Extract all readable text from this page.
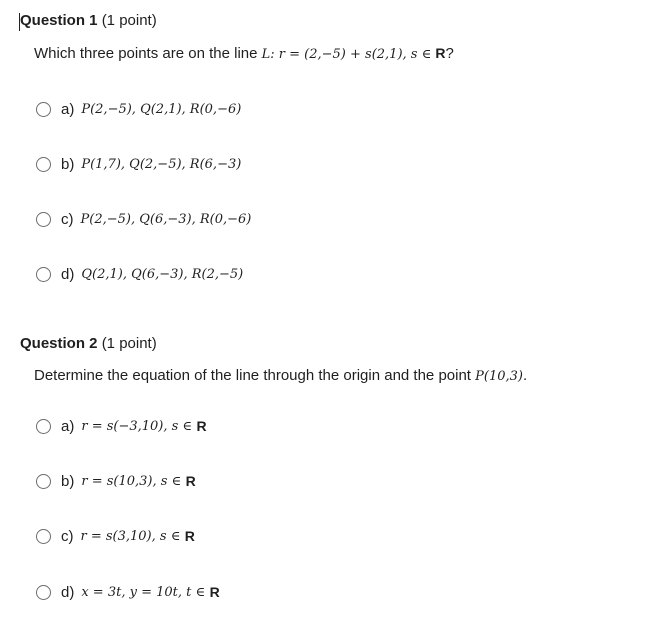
Question 1 (1 point)
Which three points are on the line L: r = (2,−5) + s(2,1), s ∈ R?
a) P(2,−5), Q(2,1), R(0,−6)
b) P(1,7), Q(2,−5), R(6,−3)
c) P(2,−5), Q(6,−3), R(0,−6)
d) Q(2,1), Q(6,−3), R(2,−5)
Question 2 (1 point)
Determine the equation of the line through the origin and the point P(10,3).
a) r = s(−3,10), s ∈
R
b) r = s(10,3), s ∈
R
c) r = s(3,10), s ∈
R
d) x = 3t, y = 10t, t ∈
R
